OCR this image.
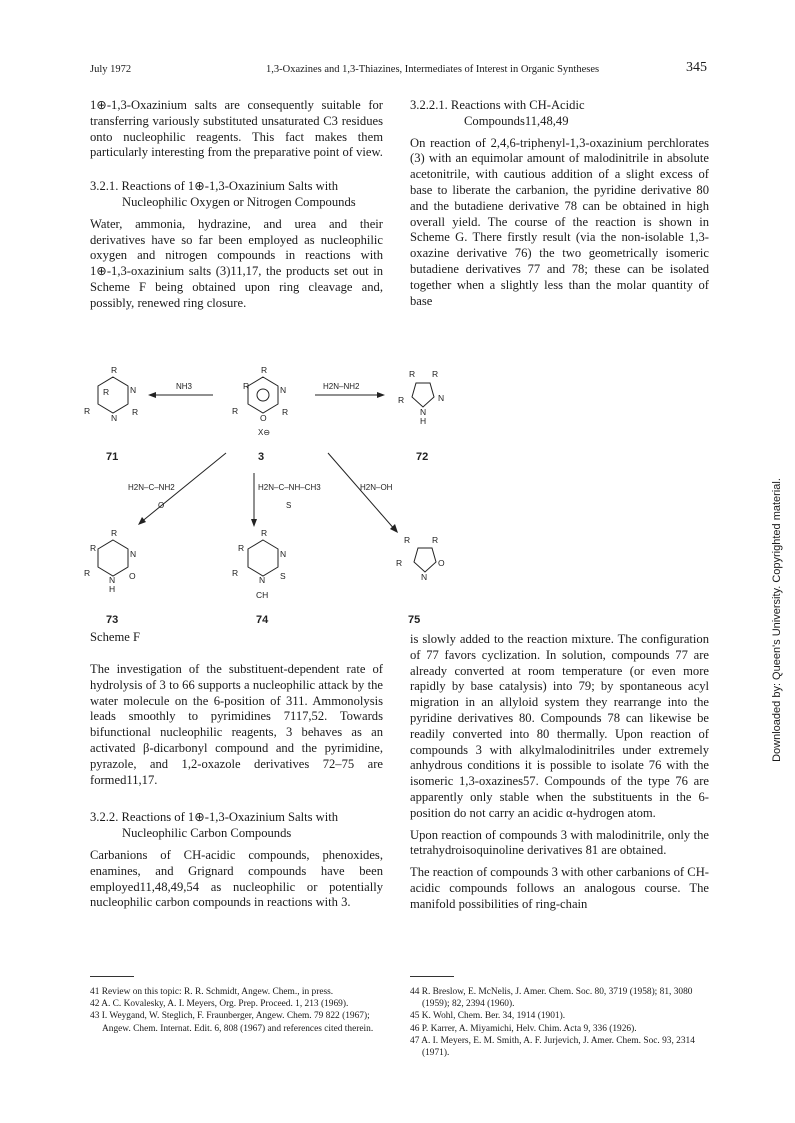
July 1972	1,3-Oxazines and 1,3-Thiazines, Intermediates of Interest in Organic Syntheses	345

1⊕-1,3-Oxazinium salts are consequently suitable for transferring variously substituted unsaturated C3 residues onto nucleophilic reagents. This fact makes them particularly interesting from the preparative point of view.

3.2.1. Reactions of 1⊕-1,3-Oxazinium Salts with
Nucleophilic Oxygen or Nitrogen Compounds

Water, ammonia, hydrazine, and urea and their derivatives have so far been employed as nucleophilic oxygen and nitrogen compounds in reactions with 1⊕-1,3-oxazinium salts (3)11,17, the products set out in Scheme F being obtained upon ring cleavage and, possibly, renewed ring closure.

3.2.2.1. Reactions with CH-Acidic
Compounds11,48,49

On reaction of 2,4,6-triphenyl-1,3-oxazinium perchlorates (3) with an equimolar amount of malodinitrile in absolute acetonitrile, with cautious addition of a slight excess of base to liberate the carbanion, the pyridine derivative 80 and the butadiene derivative 78 can be obtained in high overall yield. The course of the reaction is shown in Scheme G. There firstly result (via the non-isolable 1,3-oxazine derivative 76) the two geometrically isomeric butadiene derivatives 77 and 78; these can be isolated together when a slightly less than the molar quantity of base

R
R N
R
N
R
R
R	N
R
O
R
R R
N
R
N
H
R
R
N
R
N O
H
R
R
N
R
N S
CH
R	R
O
R
N
NH3	H2N–NH2
X⊖
H2N–C–NH2
O
H2N–C–NH–CH3
S
H2N–OH
71	3	72
73	74	75
Scheme F

The investigation of the substituent-dependent rate of hydrolysis of 3 to 66 supports a nucleophilic attack by the water molecule on the 6-position of 311. Ammonolysis leads smoothly to pyrimidines 7117,52. Towards bifunctional nucleophilic reagents, 3 behaves as an activated β-dicarbonyl compound and the pyrimidine, pyrazole, and 1,2-oxazole derivatives 72–75 are formed11,17.

3.2.2. Reactions of 1⊕-1,3-Oxazinium Salts with
Nucleophilic Carbon Compounds

Carbanions of CH-acidic compounds, phenoxides, enamines, and Grignard compounds have been employed11,48,49,54 as nucleophilic or potentially nucleophilic carbon compounds in reactions with 3.

is slowly added to the reaction mixture. The configuration of 77 favors cyclization. In solution, compounds 77 are already converted at room temperature (or even more rapidly by base catalysis) into 79; by spontaneous acyl migration in an allyloid system they rearrange into the pyridine derivatives 80. Compounds 78 can likewise be readily converted into 80 thermally. Upon reaction of compounds 3 with alkylmalodinitriles under extremely anhydrous conditions it is possible to isolate 76 with the isomeric 1,3-oxazines57. Compounds of the type 76 are apparently only stable when the substituents in the 6-position do not carry an acidic α-hydrogen atom.

Upon reaction of compounds 3 with malodinitrile, only the tetrahydroisoquinoline derivatives 81 are obtained.

The reaction of compounds 3 with other carbanions of CH-acidic compounds follows an analogous course. The manifold possibilities of ring-chain

41 Review on this topic: R. R. Schmidt, Angew. Chem., in press.
42 A. C. Kovalesky, A. I. Meyers, Org. Prep. Proceed. 1, 213 (1969).
43 I. Weygand, W. Steglich, F. Fraunberger, Angew. Chem. 79 822 (1967); Angew. Chem. Internat. Edit. 6, 808 (1967) and references cited therein.
44 R. Breslow, E. McNelis, J. Amer. Chem. Soc. 80, 3719 (1958); 81, 3080 (1959); 82, 2394 (1960).
45 K. Wohl, Chem. Ber. 34, 1914 (1901).
46 P. Karrer, A. Miyamichi, Helv. Chim. Acta 9, 336 (1926).
47 A. I. Meyers, E. M. Smith, A. F. Jurjevich, J. Amer. Chem. Soc. 93, 2314 (1971).
Downloaded by: Queen's University. Copyrighted material.
